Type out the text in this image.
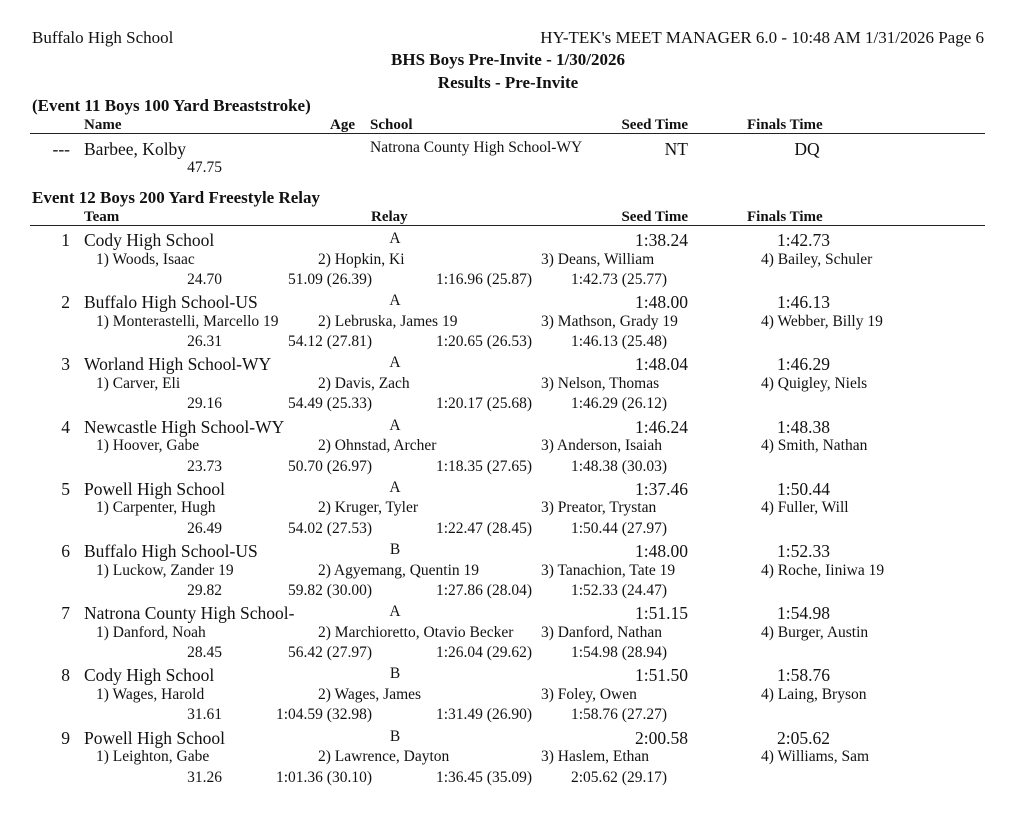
Buffalo High School	HY-TEK's MEET MANAGER 6.0 - 10:48 AM 1/31/2026 Page 6
BHS Boys Pre-Invite - 1/30/2026
Results - Pre-Invite
(Event 11 Boys 100 Yard Breaststroke)
Name	Age School	Seed Time	Finals Time
--- Barbee, Kolby	Natrona County High School-WY	NT	DQ
47.75
Event 12 Boys 200 Yard Freestyle Relay
Team	Relay	Seed Time	Finals Time
1 Cody High School	A	1:38.24	1:42.73
1) Woods, Isaac	2) Hopkin, Ki	3) Deans, William	4) Bailey, Schuler
24.70	51.09 (26.39)	1:16.96 (25.87)	1:42.73 (25.77)
2 Buffalo High School-US	A	1:48.00	1:46.13
1) Monterastelli, Marcello 19	2) Lebruska, James 19	3) Mathson, Grady 19	4) Webber, Billy 19
26.31	54.12 (27.81)	1:20.65 (26.53)	1:46.13 (25.48)
3 Worland High School-WY	A	1:48.04	1:46.29
1) Carver, Eli	2) Davis, Zach	3) Nelson, Thomas	4) Quigley, Niels
29.16	54.49 (25.33)	1:20.17 (25.68)	1:46.29 (26.12)
4 Newcastle High School-WY	A	1:46.24	1:48.38
1) Hoover, Gabe	2) Ohnstad, Archer	3) Anderson, Isaiah	4) Smith, Nathan
23.73	50.70 (26.97)	1:18.35 (27.65)	1:48.38 (30.03)
5 Powell High School	A	1:37.46	1:50.44
1) Carpenter, Hugh	2) Kruger, Tyler	3) Preator, Trystan	4) Fuller, Will
26.49	54.02 (27.53)	1:22.47 (28.45)	1:50.44 (27.97)
6 Buffalo High School-US	B	1:48.00	1:52.33
1) Luckow, Zander 19	2) Agyemang, Quentin 19	3) Tanachion, Tate 19	4) Roche, Iiniwa 19
29.82	59.82 (30.00)	1:27.86 (28.04)	1:52.33 (24.47)
7 Natrona County High School-	A	1:51.15	1:54.98
1) Danford, Noah	2) Marchioretto, Otavio Becker 3) Danford, Nathan	4) Burger, Austin
28.45	56.42 (27.97)	1:26.04 (29.62)	1:54.98 (28.94)
8 Cody High School	B	1:51.50	1:58.76
1) Wages, Harold	2) Wages, James	3) Foley, Owen	4) Laing, Bryson
31.61	1:04.59 (32.98)	1:31.49 (26.90)	1:58.76 (27.27)
9 Powell High School	B	2:00.58	2:05.62
1) Leighton, Gabe	2) Lawrence, Dayton	3) Haslem, Ethan	4) Williams, Sam
31.26	1:01.36 (30.10)	1:36.45 (35.09)	2:05.62 (29.17)
